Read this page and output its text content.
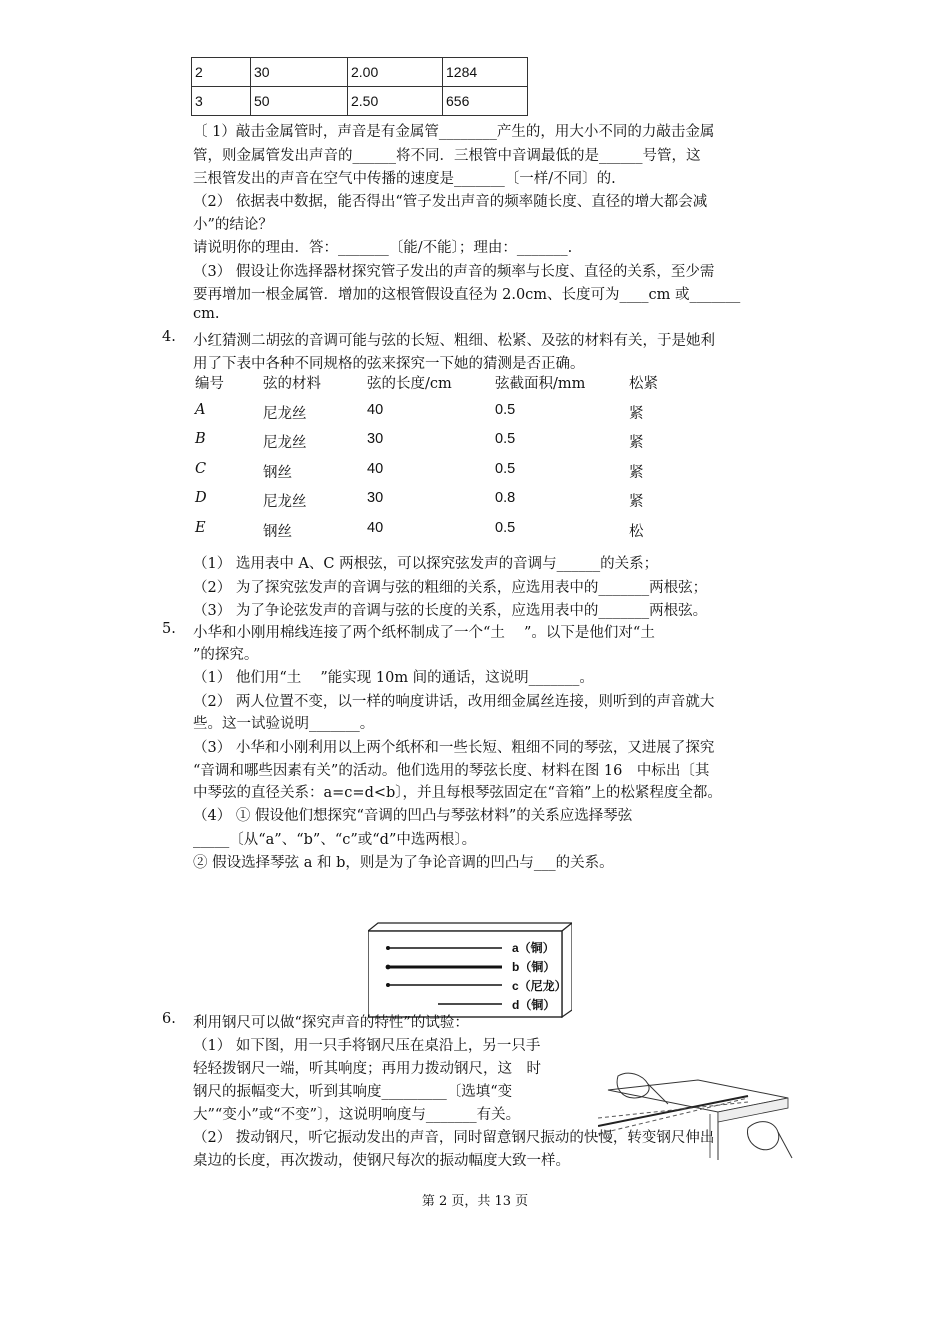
2	30	2.00	1284
3	50	2.50	656
〔 1）敲击金属管时，声音是有金属管________产生的，用大小不同的力敲击金属
管，则金属管发出声音的______将不同．三根管中音调最低的是______号管，这
三根管发出的声音在空气中传播的速度是_______〔一样/不同〕的.
（2） 依据表中数据，能否得出“管子发出声音的频率随长度、直径的增大都会减
小”的结论？
请说明你的理由．答：_______〔能/不能〕；理由：_______.
（3） 假设让你选择器材探究管子发出的声音的频率与长度、直径的关系，至少需
要再增加一根金属管．增加的这根管假设直径为 2.0cm、长度可为____cm 或_______
cm.
4. 小红猜测二胡弦的音调可能与弦的长短、粗细、松紧、及弦的材料有关，于是她利
用了下表中各种不同规格的弦来探究一下她的猜测是否正确。
编号	弦的材料	弦的长度/cm	弦截面积/mm	松紧
A	尼龙丝	40	0.5	紧
B	尼龙丝	30	0.5	紧
C	钢丝	40	0.5	紧
D	尼龙丝	30	0.8	紧
E	钢丝	40	0.5	松
（1） 选用表中 A、C 两根弦，可以探究弦发声的音调与______的关系；
（2） 为了探究弦发声的音调与弦的粗细的关系，应选用表中的_______两根弦；
（3） 为了争论弦发声的音调与弦的长度的关系，应选用表中的_______两根弦。
5. 小华和小刚用棉线连接了两个纸杯制成了一个“土　 ”。以下是他们对“土
”的探究。
（1） 他们用“土　 ”能实现 10m 间的通话，这说明_______。
（2） 两人位置不变，以一样的响度讲话，改用细金属丝连接，则听到的声音就大
些。这一试验说明_______。
（3） 小华和小刚利用以上两个纸杯和一些长短、粗细不同的琴弦，又进展了探究
“音调和哪些因素有关”的活动。他们选用的琴弦长度、材料在图 16　中标出〔其
中琴弦的直径关系：a=c=d<b〕，并且每根琴弦固定在“音箱”上的松紧程度全都。
（4） ① 假设他们想探究“音调的凹凸与琴弦材料”的关系应选择琴弦
_____〔从“a”、“b”、“c”或“d”中选两根〕。
② 假设选择琴弦 a 和 b，则是为了争论音调的凹凸与___的关系。
a（铜）
b（铜）
c（尼龙）
d（铜）
6. 利用钢尺可以做“探究声音的特性”的试验：
（1） 如下图，用一只手将钢尺压在桌沿上，另一只手
轻轻拨钢尺一端，听其响度；再用力拨动钢尺，这　时
钢尺的振幅变大，听到其响度_________〔选填“变
大”“变小”或“不变”〕，这说明响度与_______有关。
（2） 拨动钢尺，听它振动发出的声音，同时留意钢尺振动的快慢，转变钢尺伸出
桌边的长度，再次拨动，使钢尺每次的振动幅度大致一样。
第 2 页，共 13 页
